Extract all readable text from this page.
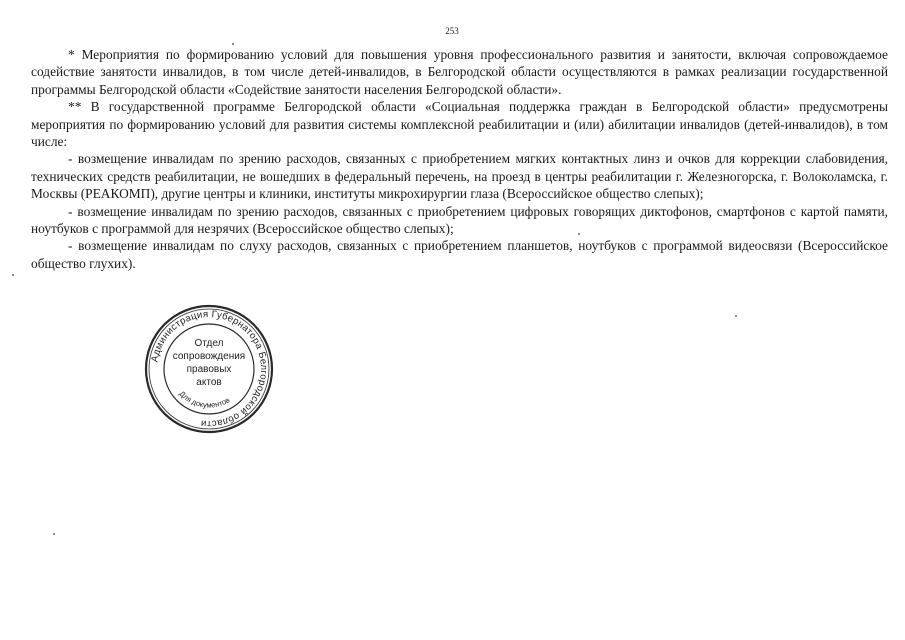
253

* Мероприятия по формированию условий для повышения уровня профессионального развития и занятости, включая сопровождаемое содействие занятости инвалидов, в том числе детей-инвалидов, в Белгородской области осуществляются в рамках реализации государственной программы Белгородской области «Содействие занятости населения Белгородской области».

** В государственной программе Белгородской области «Социальная поддержка граждан в Белгородской области» предусмотрены мероприятия по формированию условий для развития системы комплексной реабилитации и (или) абилитации инвалидов (детей-инвалидов), в том числе:

- возмещение инвалидам по зрению расходов, связанных с приобретением мягких контактных линз и очков для коррекции слабовидения, технических средств реабилитации, не вошедших в федеральный перечень, на проезд в центры реабилитации г. Железногорска, г. Волоколамска, г. Москвы (РЕАКОМП), другие центры и клиники, институты микрохирургии глаза (Всероссийское общество слепых);

- возмещение инвалидам по зрению расходов, связанных с приобретением цифровых говорящих диктофонов, смартфонов с картой памяти, ноутбуков с программой для незрячих (Всероссийское общество слепых);

- возмещение инвалидам по слуху расходов, связанных с приобретением планшетов, ноутбуков с программой видеосвязи (Всероссийское общество глухих).

Администрация Губернатора Белгородской области
Для документов
Отдел
сопровождения
правовых
актов
